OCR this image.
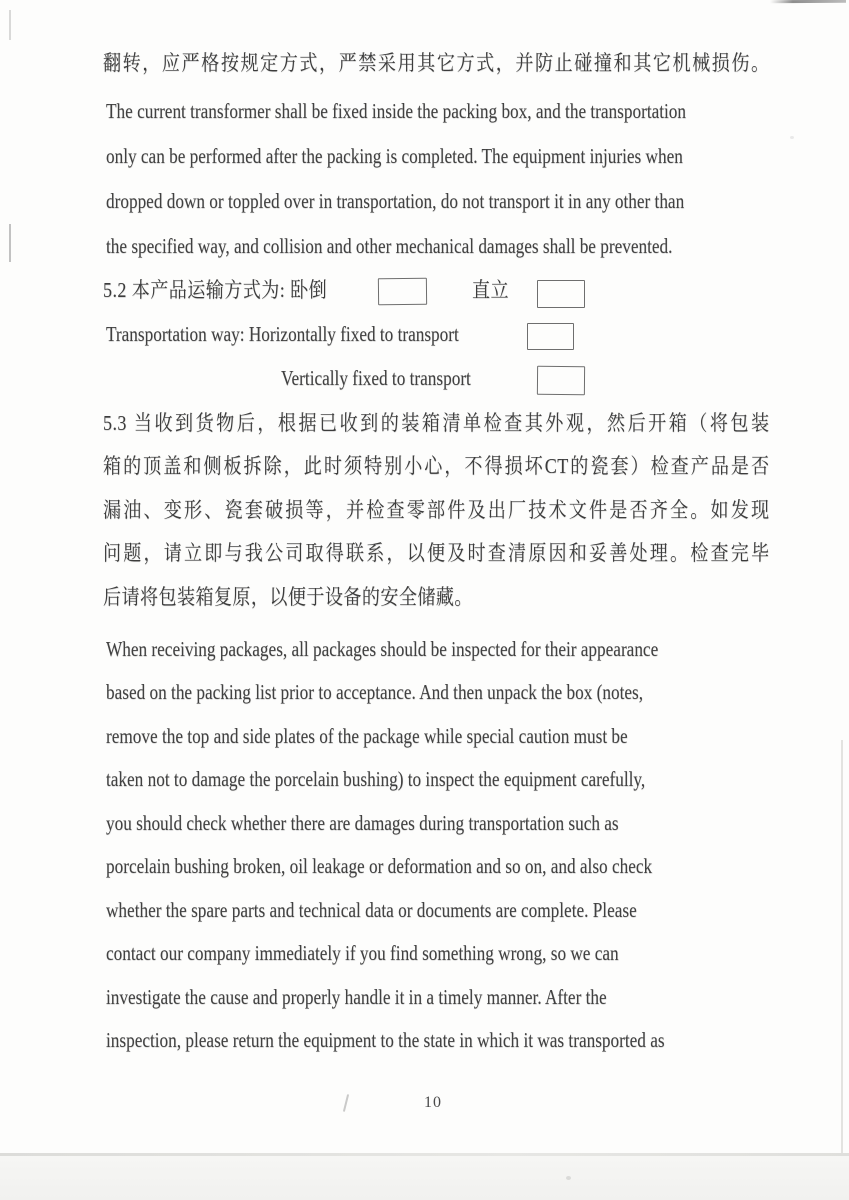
翻转，应严格按规定方式，严禁采用其它方式，并防止碰撞和其它机械损伤。
The current transformer shall be fixed inside the packing box, and the transportation
only can be performed after the packing is completed. The equipment injuries when
dropped down or toppled over in transportation, do not transport it in any other than
the specified way, and collision and other mechanical damages shall be prevented.
5.2 本产品运输方式为: 卧倒	直立
Transportation way: Horizontally fixed to transport
Vertically fixed to transport
5.3 当收到货物后，根据已收到的装箱清单检查其外观，然后开箱（将包装
箱的顶盖和侧板拆除，此时须特别小心，不得损坏CT的瓷套）检查产品是否
漏油、变形、瓷套破损等，并检查零部件及出厂技术文件是否齐全。如发现
问题，请立即与我公司取得联系，以便及时查清原因和妥善处理。检查完毕
后请将包装箱复原，以便于设备的安全储藏。
When receiving packages, all packages should be inspected for their appearance
based on the packing list prior to acceptance. And then unpack the box (notes,
remove the top and side plates of the package while special caution must be
taken not to damage the porcelain bushing) to inspect the equipment carefully,
you should check whether there are damages during transportation such as
porcelain bushing broken, oil leakage or deformation and so on, and also check
whether the spare parts and technical data or documents are complete. Please
contact our company immediately if you find something wrong, so we can
investigate the cause and properly handle it in a timely manner. After the
inspection, please return the equipment to the state in which it was transported as
10
